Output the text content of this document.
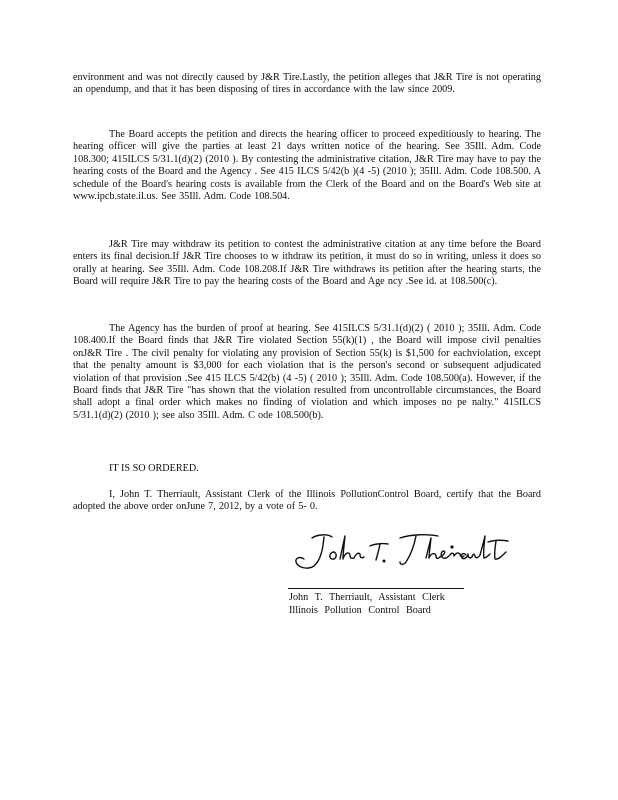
environment and was not directly caused by J&R Tire.Lastly, the petition alleges that J&R Tire is not operating an opendump, and that it has been disposing of tires in accordance with the law since 2009.

The Board accepts the petition and directs the hearing officer to proceed expeditiously to hearing. The hearing officer will give the parties at least 21 days written notice of the hearing. See 35Ill. Adm. Code 108.300; 415ILCS 5/31.1(d)(2) (2010 ). By contesting the administrative citation, J&R Tire may have to pay the hearing costs of the Board and the Agency . See 415 ILCS 5/42(b )(4 -5) (2010 ); 35Ill. Adm. Code 108.500. A schedule of the Board's hearing costs is available from the Clerk of the Board and on the Board's Web site at www.ipcb.state.il.us. See 35Ill. Adm. Code 108.504.

J&R Tire may withdraw its petition to contest the administrative citation at any time before the Board enters its final decision.If J&R Tire chooses to w ithdraw its petition, it must do so in writing, unless it does so orally at hearing. See 35Ill. Adm. Code 108.208.If J&R Tire withdraws its petition after the hearing starts, the Board will require J&R Tire to pay the hearing costs of the Board and Age ncy .See id. at 108.500(c).

The Agency has the burden of proof at hearing. See 415ILCS 5/31.1(d)(2) ( 2010 ); 35Ill. Adm. Code 108.400.If the Board finds that J&R Tire violated Section 55(k)(1) , the Board will impose civil penalties onJ&R Tire . The civil penalty for violating any provision of Section 55(k) is $1,500 for eachviolation, except that the penalty amount is $3,000 for each violation that is the person's second or subsequent adjudicated violation of that provision .See 415 ILCS 5/42(b) (4 -5) ( 2010 ); 35Ill. Adm. Code 108.500(a). However, if the Board finds that J&R Tire "has shown that the violation resulted from uncontrollable circumstances, the Board shall adopt a final order which makes no finding of violation and which imposes no pe nalty." 415ILCS 5/31.1(d)(2) (2010 ); see also 35Ill. Adm. C ode 108.500(b).

IT IS SO ORDERED.

I, John T. Therriault, Assistant Clerk of the Illinois PollutionControl Board, certify that the Board adopted the above order onJune 7, 2012, by a vote of 5- 0.

John T. Therriault, Assistant Clerk

Illinois Pollution Control Board
